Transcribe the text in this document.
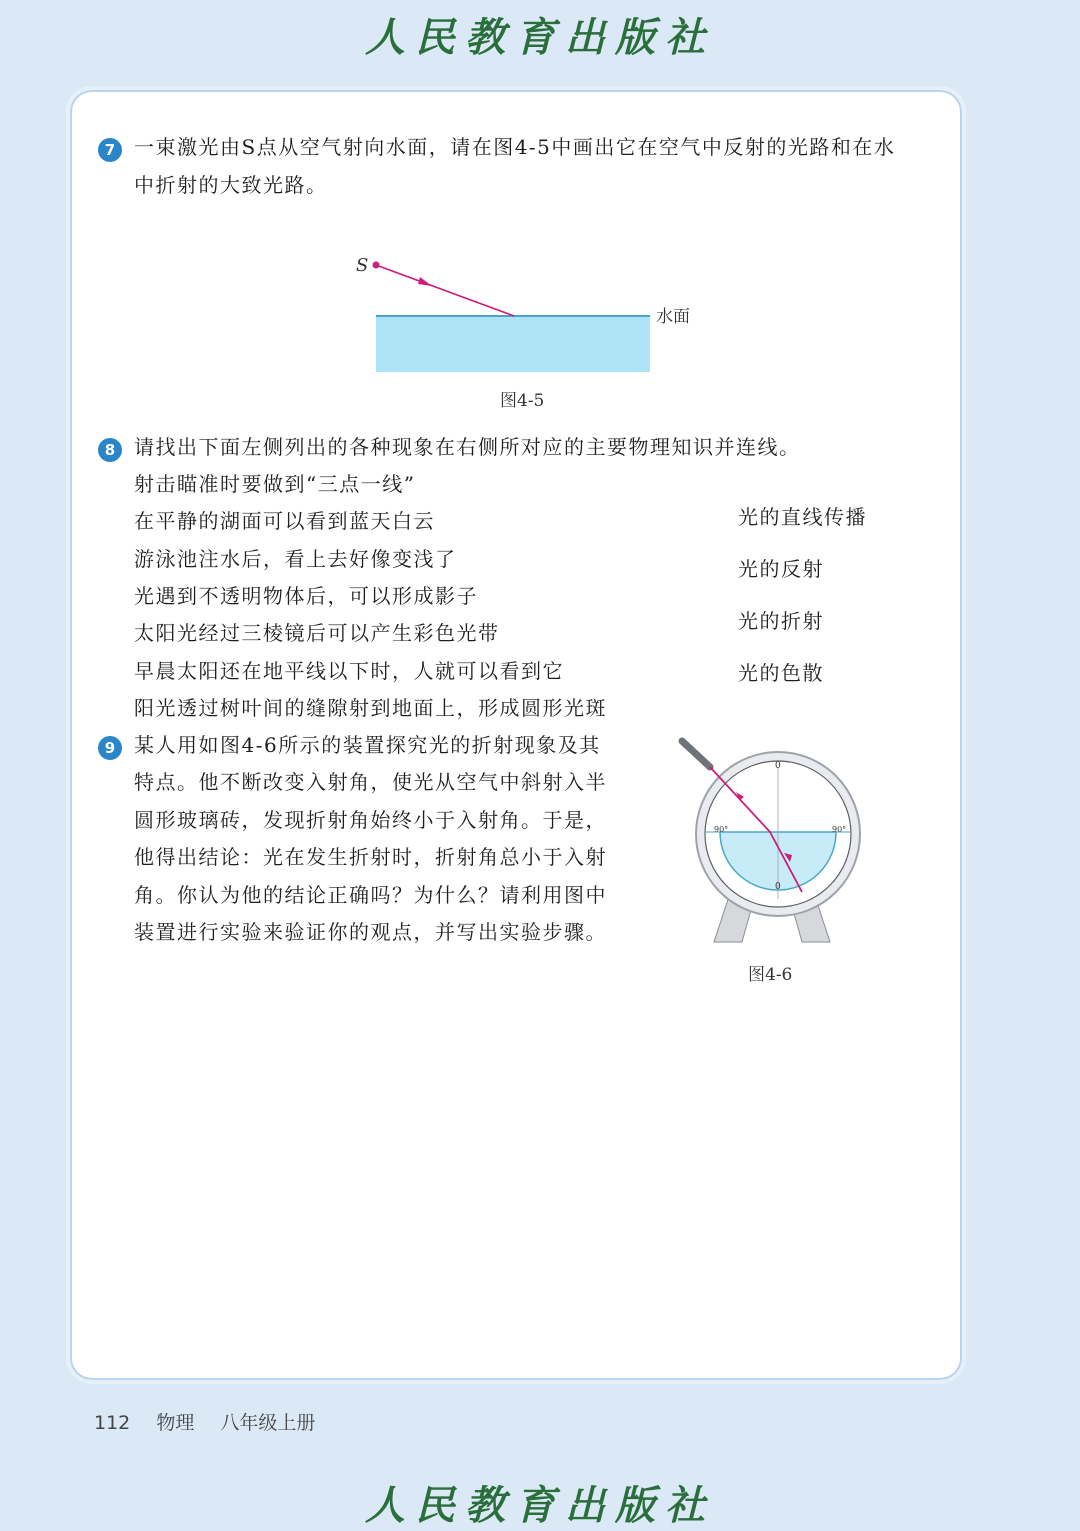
人民教育出版社
7 一束激光由S点从空气射向水面，请在图4-5中画出它在空气中反射的光路和在水
中折射的大致光路。
S
水面
图4-5
8 请找出下面左侧列出的各种现象在右侧所对应的主要物理知识并连线。
射击瞄准时要做到“三点一线”
在平静的湖面可以看到蓝天白云
游泳池注水后，看上去好像变浅了
光遇到不透明物体后，可以形成影子
太阳光经过三棱镜后可以产生彩色光带
早晨太阳还在地平线以下时，人就可以看到它
阳光透过树叶间的缝隙射到地面上，形成圆形光斑
光的直线传播
光的反射
光的折射
光的色散
9 某人用如图4-6所示的装置探究光的折射现象及其
特点。他不断改变入射角，使光从空气中斜射入半
圆形玻璃砖，发现折射角始终小于入射角。于是，
他得出结论：光在发生折射时，折射角总小于入射
角。你认为他的结论正确吗？为什么？请利用图中
装置进行实验来验证你的观点，并写出实验步骤。
0
0
90°	90°
图4-6
112 物理 八年级上册
人民教育出版社
